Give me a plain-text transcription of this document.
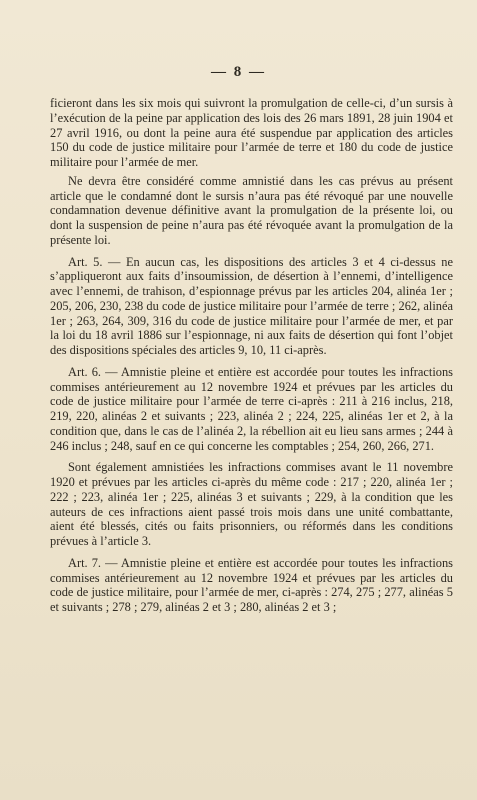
— 8 —

ficieront dans les six mois qui suivront la promulgation de celle-ci, d’un sursis à l’exécution de la peine par application des lois des 26 mars 1891, 28 juin 1904 et 27 avril 1916, ou dont la peine aura été suspendue par application des articles 150 du code de justice militaire pour l’armée de terre et 180 du code de justice militaire pour l’armée de mer.

Ne devra être considéré comme amnistié dans les cas prévus au présent article que le condamné dont le sursis n’aura pas été révoqué par une nouvelle condamnation devenue définitive avant la promulgation de la présente loi, ou dont la suspension de peine n’aura pas été révoquée avant la promulgation de la présente loi.

Art. 5. — En aucun cas, les dispositions des articles 3 et 4 ci-dessus ne s’appliqueront aux faits d’insoumission, de désertion à l’ennemi, d’intelligence avec l’ennemi, de trahison, d’espionnage prévus par les articles 204, alinéa 1er ; 205, 206, 230, 238 du code de justice militaire pour l’armée de terre ; 262, alinéa 1er ; 263, 264, 309, 316 du code de justice militaire pour l’armée de mer, et par la loi du 18 avril 1886 sur l’espionnage, ni aux faits de désertion qui font l’objet des dispositions spéciales des articles 9, 10, 11 ci-après.

Art. 6. — Amnistie pleine et entière est accordée pour toutes les infractions commises antérieurement au 12 novembre 1924 et prévues par les articles du code de justice militaire pour l’armée de terre ci-après : 211 à 216 inclus, 218, 219, 220, alinéas 2 et suivants ; 223, alinéa 2 ; 224, 225, alinéas 1er et 2, à la condition que, dans le cas de l’alinéa 2, la rébellion ait eu lieu sans armes ; 244 à 246 inclus ; 248, sauf en ce qui concerne les comptables ; 254, 260, 266, 271.

Sont également amnistiées les infractions commises avant le 11 novembre 1920 et prévues par les articles ci-après du même code : 217 ; 220, alinéa 1er ; 222 ; 223, alinéa 1er ; 225, alinéas 3 et suivants ; 229, à la condition que les auteurs de ces infractions aient passé trois mois dans une unité combattante, aient été blessés, cités ou faits prisonniers, ou réformés dans les conditions prévues à l’article 3.

Art. 7. — Amnistie pleine et entière est accordée pour toutes les infractions commises antérieurement au 12 novembre 1924 et prévues par les articles du code de justice militaire, pour l’armée de mer, ci-après : 274, 275 ; 277, alinéas 5 et suivants ; 278 ; 279, alinéas 2 et 3 ; 280, alinéas 2 et 3 ;
